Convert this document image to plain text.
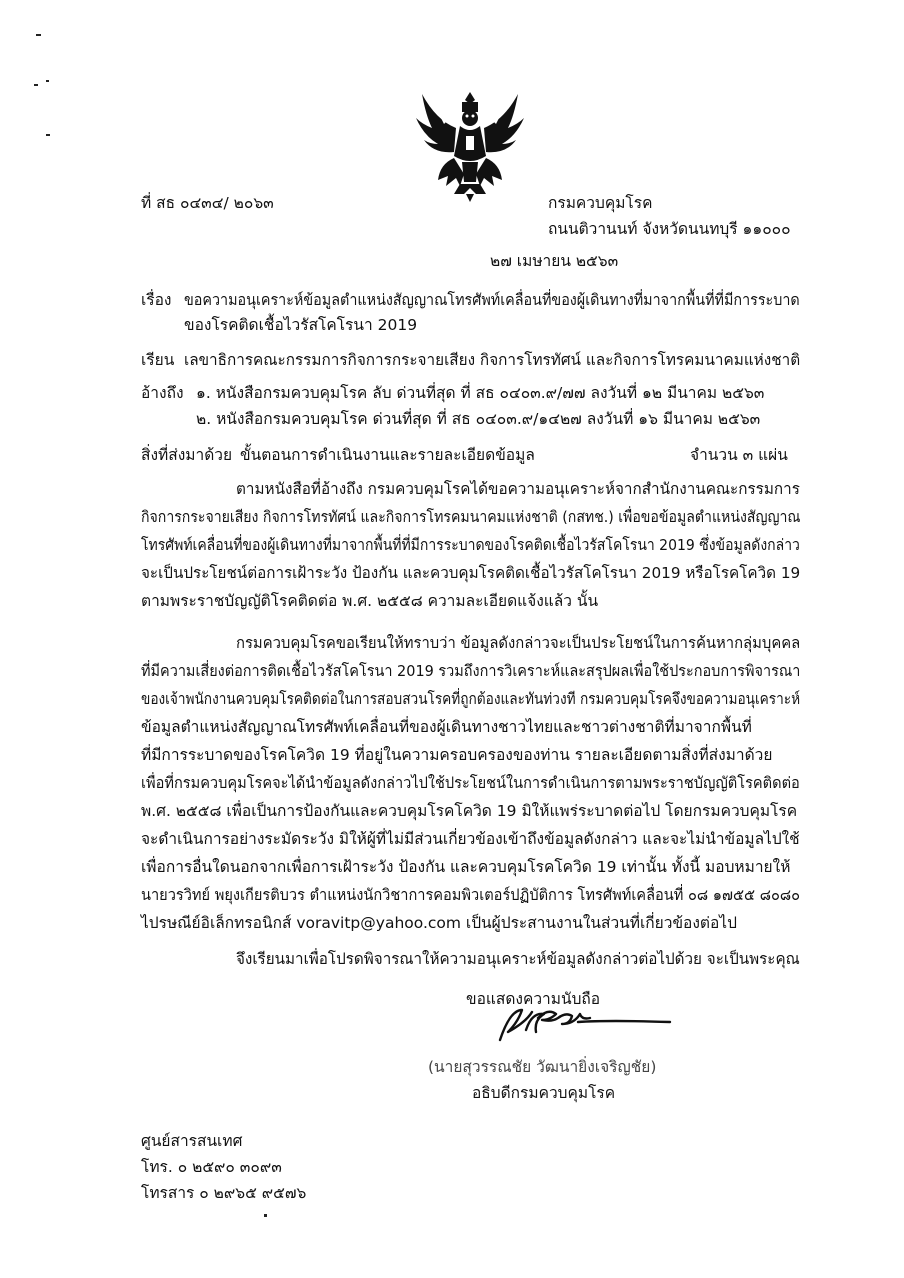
ที่ สธ ๐๔๓๔/ ๒๐๖๓	กรมควบคุมโรค
ถนนติวานนท์ จังหวัดนนทบุรี ๑๑๐๐๐
๒๗ เมษายน ๒๕๖๓
เรื่อง ขอความอนุเคราะห์ข้อมูลตำแหน่งสัญญาณโทรศัพท์เคลื่อนที่ของผู้เดินทางที่มาจากพื้นที่ที่มีการระบาด
ของโรคติดเชื้อไวรัสโคโรนา 2019
เรียน เลขาธิการคณะกรรมการกิจการกระจายเสียง กิจการโทรทัศน์ และกิจการโทรคมนาคมแห่งชาติ
อ้างถึง ๑. หนังสือกรมควบคุมโรค ลับ ด่วนที่สุด ที่ สธ ๐๔๐๓.๙/๗๗ ลงวันที่ ๑๒ มีนาคม ๒๕๖๓
๒. หนังสือกรมควบคุมโรค ด่วนที่สุด ที่ สธ ๐๔๐๓.๙/๑๔๒๗ ลงวันที่ ๑๖ มีนาคม ๒๕๖๓
สิ่งที่ส่งมาด้วย ขั้นตอนการดำเนินงานและรายละเอียดข้อมูล	จำนวน ๓ แผ่น
ตามหนังสือที่อ้างถึง กรมควบคุมโรคได้ขอความอนุเคราะห์จากสำนักงานคณะกรรมการ
กิจการกระจายเสียง กิจการโทรทัศน์ และกิจการโทรคมนาคมแห่งชาติ (กสทช.) เพื่อขอข้อมูลตำแหน่งสัญญาณ
โทรศัพท์เคลื่อนที่ของผู้เดินทางที่มาจากพื้นที่ที่มีการระบาดของโรคติดเชื้อไวรัสโคโรนา 2019 ซึ่งข้อมูลดังกล่าว
จะเป็นประโยชน์ต่อการเฝ้าระวัง ป้องกัน และควบคุมโรคติดเชื้อไวรัสโคโรนา 2019 หรือโรคโควิด 19
ตามพระราชบัญญัติโรคติดต่อ พ.ศ. ๒๕๕๘ ความละเอียดแจ้งแล้ว นั้น
กรมควบคุมโรคขอเรียนให้ทราบว่า ข้อมูลดังกล่าวจะเป็นประโยชน์ในการค้นหากลุ่มบุคคล
ที่มีความเสี่ยงต่อการติดเชื้อไวรัสโคโรนา 2019 รวมถึงการวิเคราะห์และสรุปผลเพื่อใช้ประกอบการพิจารณา
ของเจ้าพนักงานควบคุมโรคติดต่อในการสอบสวนโรคที่ถูกต้องและทันท่วงที กรมควบคุมโรคจึงขอความอนุเคราะห์
ข้อมูลตำแหน่งสัญญาณโทรศัพท์เคลื่อนที่ของผู้เดินทางชาวไทยและชาวต่างชาติที่มาจากพื้นที่
ที่มีการระบาดของโรคโควิด 19 ที่อยู่ในความครอบครองของท่าน รายละเอียดตามสิ่งที่ส่งมาด้วย
เพื่อที่กรมควบคุมโรคจะได้นำข้อมูลดังกล่าวไปใช้ประโยชน์ในการดำเนินการตามพระราชบัญญัติโรคติดต่อ
พ.ศ. ๒๕๕๘ เพื่อเป็นการป้องกันและควบคุมโรคโควิด 19 มิให้แพร่ระบาดต่อไป โดยกรมควบคุมโรค
จะดำเนินการอย่างระมัดระวัง มิให้ผู้ที่ไม่มีส่วนเกี่ยวข้องเข้าถึงข้อมูลดังกล่าว และจะไม่นำข้อมูลไปใช้
เพื่อการอื่นใดนอกจากเพื่อการเฝ้าระวัง ป้องกัน และควบคุมโรคโควิด 19 เท่านั้น ทั้งนี้ มอบหมายให้
นายวรวิทย์ พยุงเกียรติบวร ตำแหน่งนักวิชาการคอมพิวเตอร์ปฏิบัติการ โทรศัพท์เคลื่อนที่ ๐๘ ๑๗๕๕ ๘๐๘๐
ไปรษณีย์อิเล็กทรอนิกส์ voravitp@yahoo.com เป็นผู้ประสานงานในส่วนที่เกี่ยวข้องต่อไป
จึงเรียนมาเพื่อโปรดพิจารณาให้ความอนุเคราะห์ข้อมูลดังกล่าวต่อไปด้วย จะเป็นพระคุณ
ขอแสดงความนับถือ
(นายสุวรรณชัย วัฒนายิ่งเจริญชัย)
อธิบดีกรมควบคุมโรค
ศูนย์สารสนเทศ
โทร. ๐ ๒๕๙๐ ๓๐๙๓
โทรสาร ๐ ๒๙๖๕ ๙๕๗๖
